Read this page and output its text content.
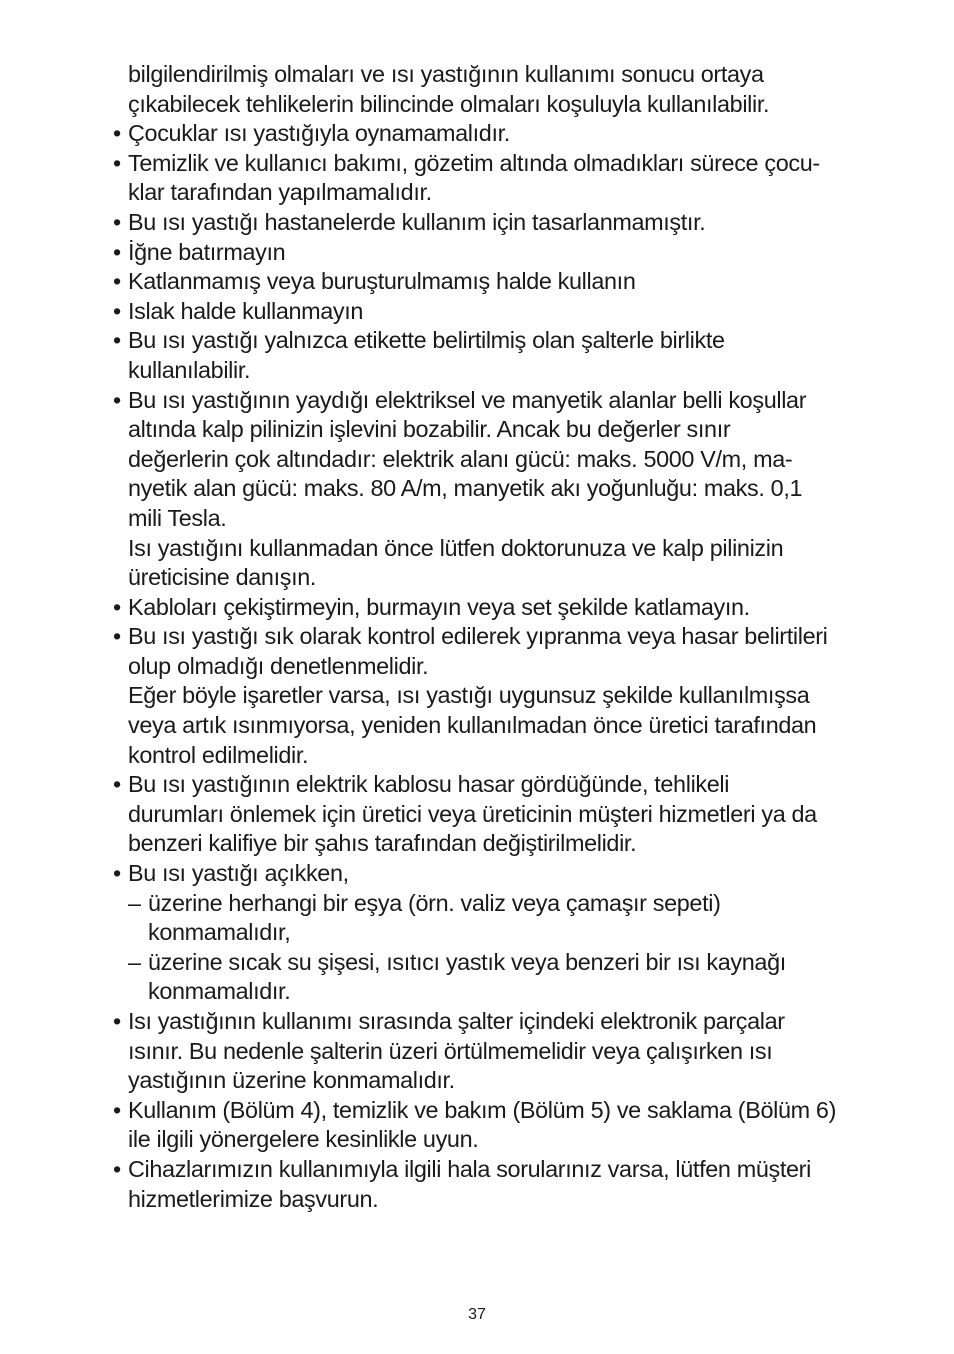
bilgilendirilmiş olmaları ve ısı yastığının kullanımı sonucu ortaya
çıkabilecek tehlikelerin bilincinde olmaları koşuluyla kullanılabilir.
• Çocuklar ısı yastığıyla oynamamalıdır.
• Temizlik ve kullanıcı bakımı, gözetim altında olmadıkları sürece çocu-
klar tarafından yapılmamalıdır.
• Bu ısı yastığı hastanelerde kullanım için tasarlanmamıştır.
• İğne batırmayın
• Katlanmamış veya buruşturulmamış halde kullanın
• Islak halde kullanmayın
• Bu ısı yastığı yalnızca etikette belirtilmiş olan şalterle birlikte
kullanılabilir.
• Bu ısı yastığının yaydığı elektriksel ve manyetik alanlar belli koşullar
altında kalp pilinizin işlevini bozabilir. Ancak bu değerler sınır
değerlerin çok altındadır: elektrik alanı gücü: maks. 5000 V/m, ma-
nyetik alan gücü: maks. 80 A/m, manyetik akı yoğunluğu: maks. 0,1
mili Tesla.
Isı yastığını kullanmadan önce lütfen doktorunuza ve kalp pilinizin
üreticisine danışın.
• Kabloları çekiştirmeyin, burmayın veya set şekilde katlamayın.
• Bu ısı yastığı sık olarak kontrol edilerek yıpranma veya hasar belirtileri
olup olmadığı denetlenmelidir.
Eğer böyle işaretler varsa, ısı yastığı uygunsuz şekilde kullanılmışsa
veya artık ısınmıyorsa, yeniden kullanılmadan önce üretici tarafından
kontrol edilmelidir.
• Bu ısı yastığının elektrik kablosu hasar gördüğünde, tehlikeli
durumları önlemek için üretici veya üreticinin müşteri hizmetleri ya da
benzeri kalifiye bir şahıs tarafından değiştirilmelidir.
• Bu ısı yastığı açıkken,
– üzerine herhangi bir eşya (örn. valiz veya çamaşır sepeti)
konmamalıdır,
– üzerine sıcak su şişesi, ısıtıcı yastık veya benzeri bir ısı kaynağı
konmamalıdır.
• Isı yastığının kullanımı sırasında şalter içindeki elektronik parçalar
ısınır. Bu nedenle şalterin üzeri örtülmemelidir veya çalışırken ısı
yastığının üzerine konmamalıdır.
• Kullanım (Bölüm 4), temizlik ve bakım (Bölüm 5) ve saklama (Bölüm 6)
ile ilgili yönergelere kesinlikle uyun.
• Cihazlarımızın kullanımıyla ilgili hala sorularınız varsa, lütfen müşteri
hizmetlerimize başvurun.
37
